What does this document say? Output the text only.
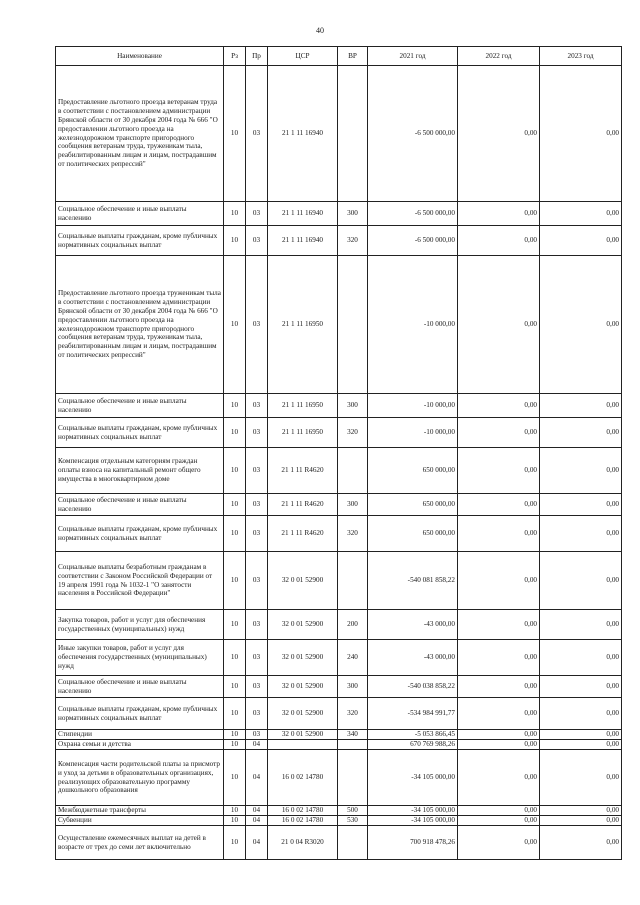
40
Наименование	Рз	Пр	ЦСР	ВР	2021 год	2022 год	2023 год
Предоставление льготного проезда ветеранам труда в соответствии с постановлением администрации Брянской области от 30 декабря 2004 года № 666 "О предоставлении льготного проезда на железнодорожном транспорте пригородного сообщения ветеранам труда, труженикам тыла, реабилитированным лицам и лицам, пострадавшим от политических репрессий"	10	03	21 1 11 16940		-6 500 000,00	0,00	0,00
Социальное обеспечение и иные выплаты населению	10	03	21 1 11 16940	300	-6 500 000,00	0,00	0,00
Социальные выплаты гражданам, кроме публичных нормативных социальных выплат	10	03	21 1 11 16940	320	-6 500 000,00	0,00	0,00
Предоставление льготного проезда труженикам тыла в соответствии с постановлением администрации Брянской области от 30 декабря 2004 года № 666 "О предоставлении льготного проезда на железнодорожном транспорте пригородного сообщения ветеранам труда, труженикам тыла, реабилитированным лицам и лицам, пострадавшим от политических репрессий"	10	03	21 1 11 16950		-10 000,00	0,00	0,00
Социальное обеспечение и иные выплаты населению	10	03	21 1 11 16950	300	-10 000,00	0,00	0,00
Социальные выплаты гражданам, кроме публичных нормативных социальных выплат	10	03	21 1 11 16950	320	-10 000,00	0,00	0,00
Компенсация отдельным категориям граждан оплаты взноса на капитальный ремонт общего имущества в многоквартирном доме	10	03	21 1 11 R4620		650 000,00	0,00	0,00
Социальное обеспечение и иные выплаты населению	10	03	21 1 11 R4620	300	650 000,00	0,00	0,00
Социальные выплаты гражданам, кроме публичных нормативных социальных выплат	10	03	21 1 11 R4620	320	650 000,00	0,00	0,00
Социальные выплаты безработным гражданам в соответствии с Законом Российской Федерации от 19 апреля 1991 года № 1032-1 "О занятости населения в Российской Федерации"	10	03	32 0 01 52900		-540 081 858,22	0,00	0,00
Закупка товаров, работ и услуг для обеспечения государственных (муниципальных) нужд	10	03	32 0 01 52900	200	-43 000,00	0,00	0,00
Иные закупки товаров, работ и услуг для обеспечения государственных (муниципальных) нужд	10	03	32 0 01 52900	240	-43 000,00	0,00	0,00
Социальное обеспечение и иные выплаты населению	10	03	32 0 01 52900	300	-540 038 858,22	0,00	0,00
Социальные выплаты гражданам, кроме публичных нормативных социальных выплат	10	03	32 0 01 52900	320	-534 984 991,77	0,00	0,00
Стипендии	10	03	32 0 01 52900	340	-5 053 866,45	0,00	0,00
Охрана семьи и детства	10	04			670 769 988,26	0,00	0,00
Компенсация части родительской платы за присмотр и уход за детьми в образовательных организациях, реализующих образовательную программу дошкольного образования	10	04	16 0 02 14780		-34 105 000,00	0,00	0,00
Межбюджетные трансферты	10	04	16 0 02 14780	500	-34 105 000,00	0,00	0,00
Субвенции	10	04	16 0 02 14780	530	-34 105 000,00	0,00	0,00
Осуществление ежемесячных выплат на детей в возрасте от трех до семи лет включительно	10	04	21 0 04 R3020		700 918 478,26	0,00	0,00
